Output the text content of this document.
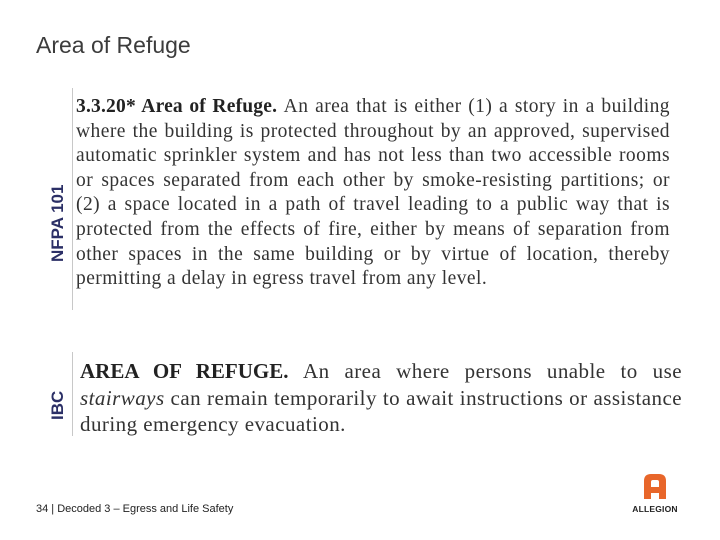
Area of Refuge
NFPA 101
3.3.20* Area of Refuge. An area that is either (1) a story in a building where the building is protected throughout by an approved, supervised automatic sprinkler system and has not less than two accessible rooms or spaces separated from each other by smoke-resisting partitions; or (2) a space located in a path of travel leading to a public way that is protected from the effects of fire, either by means of separation from other spaces in the same building or by virtue of location, thereby permitting a delay in egress travel from any level.
IBC
AREA OF REFUGE. An area where persons unable to use stairways can remain temporarily to await instructions or assistance during emergency evacuation.
34 | Decoded 3 – Egress and Life Safety	ALLEGION
